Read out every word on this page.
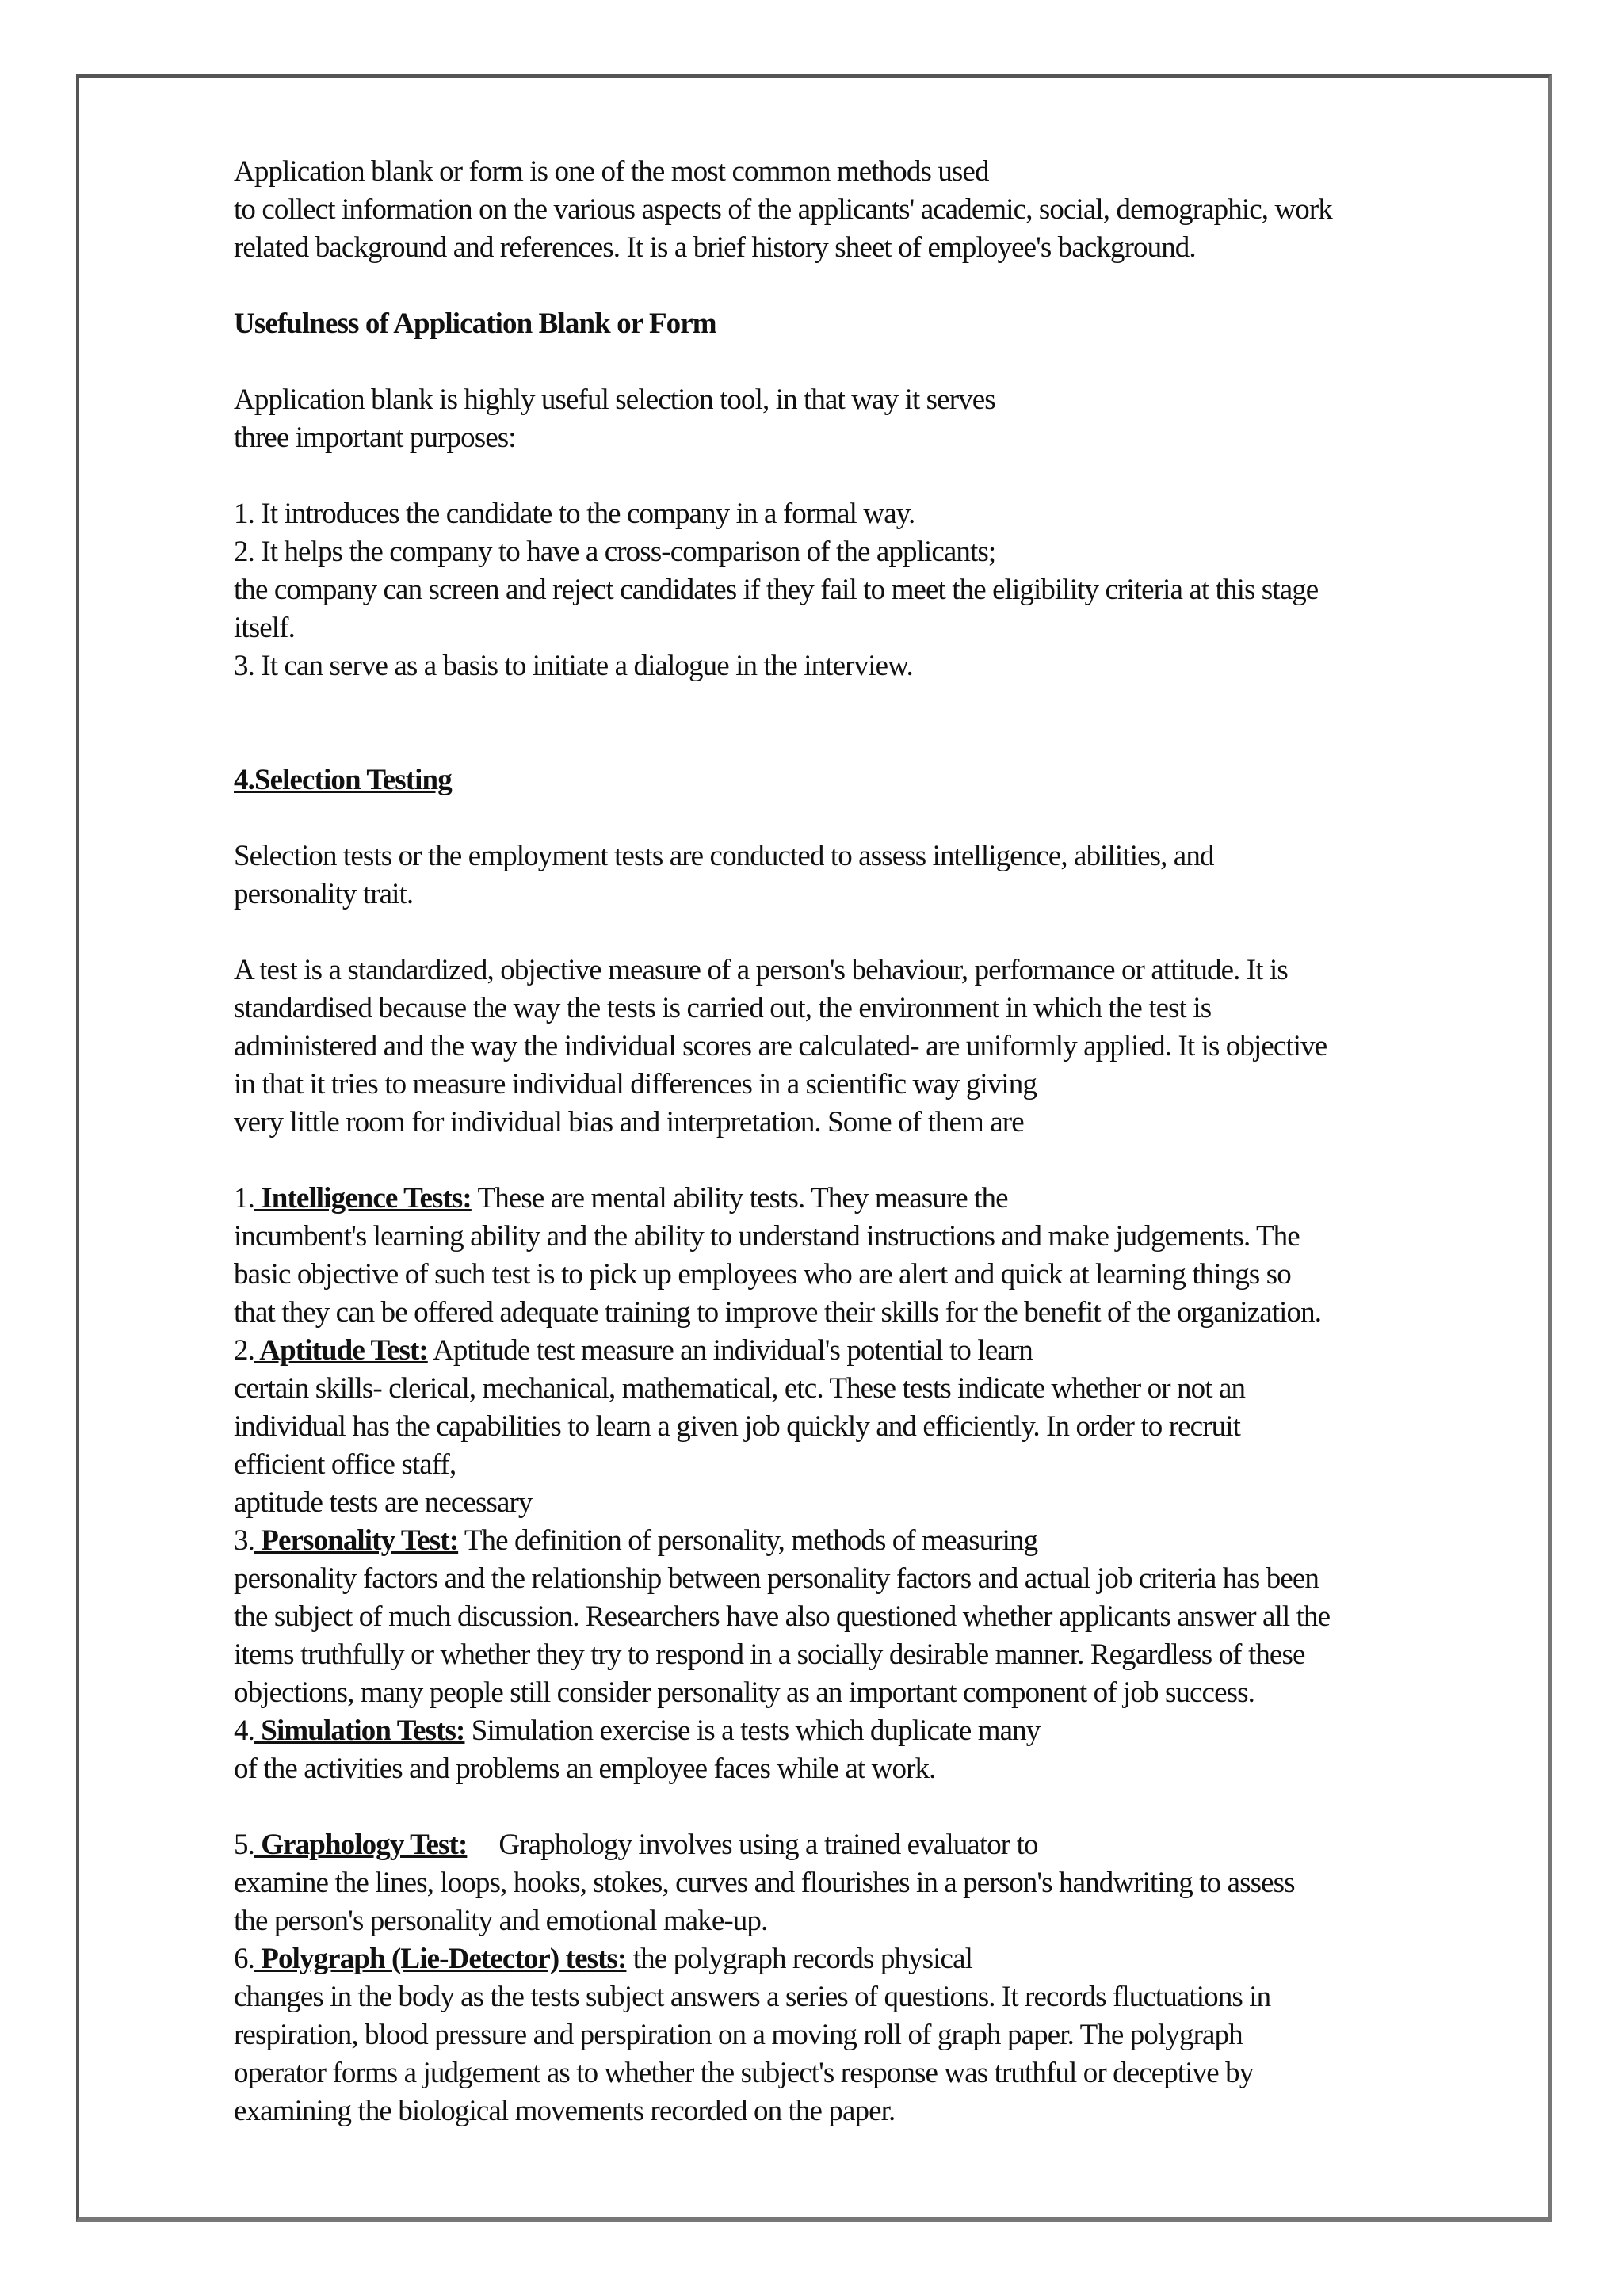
Application blank or form is one of the most common methods used
to collect information on the various aspects of the applicants' academic, social, demographic, work
related background and references. It is a brief history sheet of employee's background.
Usefulness of Application Blank or Form
Application blank is highly useful selection tool, in that way it serves
three important purposes:
1. It introduces the candidate to the company in a formal way.
2. It helps the company to have a cross-comparison of the applicants;
the company can screen and reject candidates if they fail to meet the eligibility criteria at this stage
itself.
3. It can serve as a basis to initiate a dialogue in the interview.
4.Selection Testing
Selection tests or the employment tests are conducted to assess intelligence, abilities, and
personality trait.
A test is a standardized, objective measure of a person's behaviour, performance or attitude. It is
standardised because the way the tests is carried out, the environment in which the test is
administered and the way the individual scores are calculated- are uniformly applied. It is objective
in that it tries to measure individual differences in a scientific way giving
very little room for individual bias and interpretation. Some of them are
1. Intelligence Tests: These are mental ability tests. They measure the
incumbent's learning ability and the ability to understand instructions and make judgements. The
basic objective of such test is to pick up employees who are alert and quick at learning things so
that they can be offered adequate training to improve their skills for the benefit of the organization.
2. Aptitude Test: Aptitude test measure an individual's potential to learn
certain skills- clerical, mechanical, mathematical, etc. These tests indicate whether or not an
individual has the capabilities to learn a given job quickly and efficiently. In order to recruit
efficient office staff,
aptitude tests are necessary
3. Personality Test: The definition of personality, methods of measuring
personality factors and the relationship between personality factors and actual job criteria has been
the subject of much discussion. Researchers have also questioned whether applicants answer all the
items truthfully or whether they try to respond in a socially desirable manner. Regardless of these
objections, many people still consider personality as an important component of job success.
4. Simulation Tests: Simulation exercise is a tests which duplicate many
of the activities and problems an employee faces while at work.
5. Graphology Test: Graphology involves using a trained evaluator to
examine the lines, loops, hooks, stokes, curves and flourishes in a person's handwriting to assess
the person's personality and emotional make-up.
6. Polygraph (Lie-Detector) tests: the polygraph records physical
changes in the body as the tests subject answers a series of questions. It records fluctuations in
respiration, blood pressure and perspiration on a moving roll of graph paper. The polygraph
operator forms a judgement as to whether the subject's response was truthful or deceptive by
examining the biological movements recorded on the paper.
